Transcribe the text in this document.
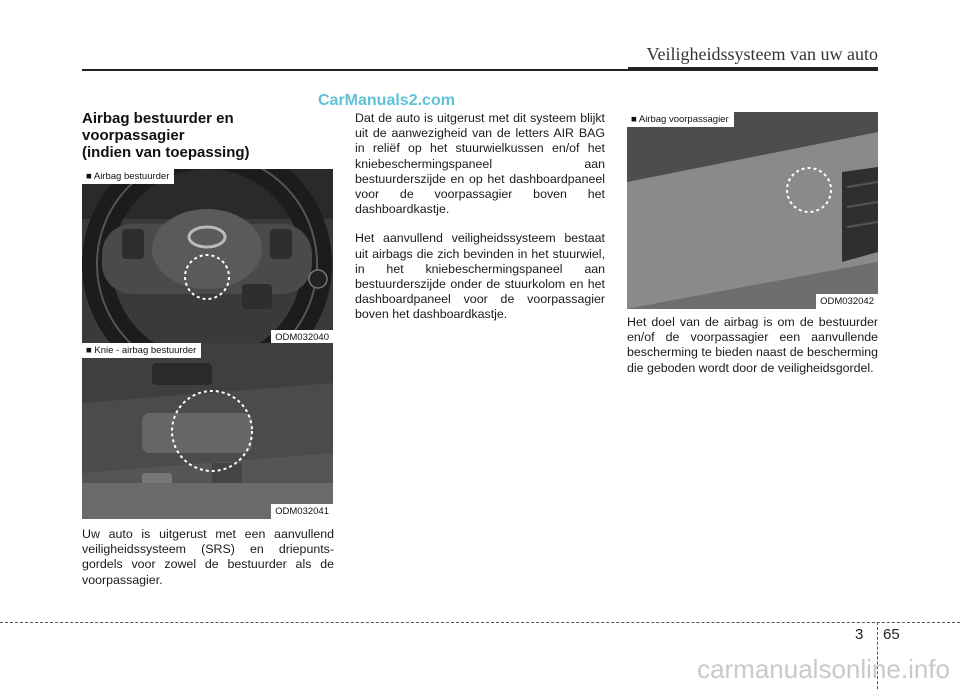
Veiligheidssysteem van uw auto
CarManuals2.com
Airbag bestuurder en
voorpassagier
(indien van toepassing)
■ Airbag bestuurder
ODM032040
■ Knie - airbag bestuurder
ODM032041

Uw auto is uitgerust met een aanvullend veiligheidssysteem (SRS) en driepunts-gordels voor zowel de bestuurder als de voorpassagier.

Dat de auto is uitgerust met dit systeem blijkt uit de aanwezigheid van de letters AIR BAG in reliëf op het stuurwielkussen en/of het kniebeschermingspaneel aan bestuurderszijde en op het dashboardpaneel voor de voorpassagier boven het dashboardkastje.

Het aanvullend veiligheidssysteem bestaat uit airbags die zich bevinden in het stuurwiel, in het kniebeschermingspaneel aan bestuurderszijde onder de stuurkolom en het dashboardpaneel voor de voorpassagier boven het dashboardkastje.

■ Airbag voorpassagier
ODM032042

Het doel van de airbag is om de bestuurder en/of de voorpassagier een aanvullende bescherming te bieden naast de bescherming die geboden wordt door de veiligheidsgordel.

3 65
carmanualsonline.info
